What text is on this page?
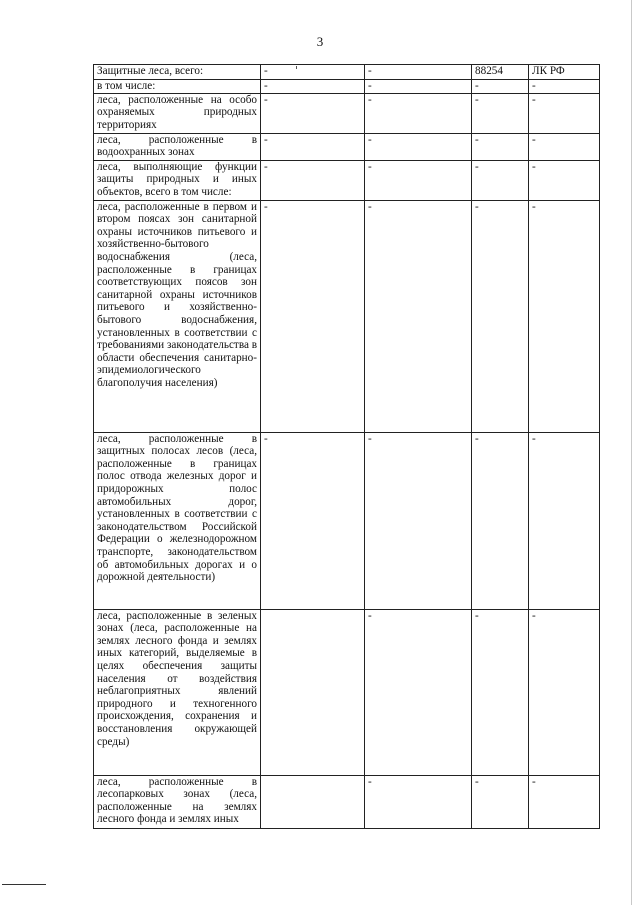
3
Защитные леса, всего:	-	-	88254	ЛК РФ
в том числе:	-	-	-	-
леса, расположенные на особо охраняемых природных территориях	-	-	-	-
леса, расположенные в водоохранных зонах	-	-	-	-
леса, выполняющие функции защиты природных и иных объектов, всего в том числе:	-	-	-	-
леса, расположенные в первом и втором поясах зон санитарной охраны источников питьевого и хозяйственно-бытового водоснабжения (леса, расположенные в границах соответствующих поясов зон санитарной охраны источников питьевого и хозяйственно-бытового водоснабжения, установленных в соответствии с требованиями законодательства в области обеспечения санитарно-эпидемиологического благополучия населения)	-	-	-	-
леса, расположенные в защитных полосах лесов (леса, расположенные в границах полос отвода железных дорог и придорожных полос автомобильных дорог, установленных в соответствии с законодательством Российской Федерации о железнодорожном транспорте, законодательством об автомобильных дорогах и о дорожной деятельности)	-	-	-	-
леса, расположенные в зеленых зонах (леса, расположенные на землях лесного фонда и землях иных категорий, выделяемые в целях обеспечения защиты населения от воздействия неблагоприятных явлений природного и техногенного происхождения, сохранения и восстановления окружающей среды)		-	-	-
леса, расположенные в лесопарковых зонах (леса, расположенные на землях лесного фонда и землях иных		-	-	-
